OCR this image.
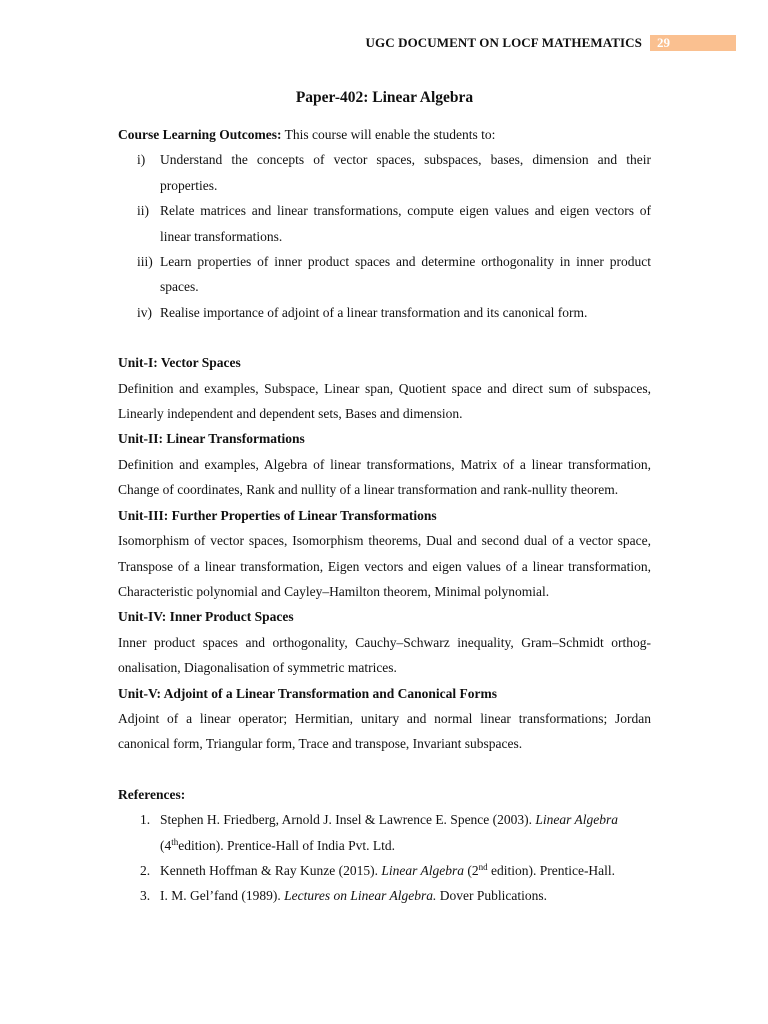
UGC DOCUMENT ON LOCF MATHEMATICS	29
Paper-402: Linear Algebra

Course Learning Outcomes: This course will enable the students to:

i)	Understand the concepts of vector spaces, subspaces, bases, dimension and their properties.
ii) Relate matrices and linear transformations, compute eigen values and eigen vectors of linear transformations.
iii) Learn properties of inner product spaces and determine orthogonality in inner product spaces.
iv) Realise importance of adjoint of a linear transformation and its canonical form.
Unit-I: Vector Spaces

Definition and examples, Subspace, Linear span, Quotient space and direct sum of subspaces, Linearly independent and dependent sets, Bases and dimension.

Unit-II: Linear Transformations

Definition and examples, Algebra of linear transformations, Matrix of a linear transformation, Change of coordinates, Rank and nullity of a linear transformation and rank-nullity theorem.

Unit-III: Further Properties of Linear Transformations

Isomorphism of vector spaces, Isomorphism theorems, Dual and second dual of a vector space, Transpose of a linear transformation, Eigen vectors and eigen values of a linear transformation, Characteristic polynomial and Cayley–Hamilton theorem, Minimal polynomial.

Unit-IV: Inner Product Spaces

Inner product spaces and orthogonality, Cauchy–Schwarz inequality, Gram–Schmidt orthog-onalisation, Diagonalisation of symmetric matrices.

Unit-V: Adjoint of a Linear Transformation and Canonical Forms

Adjoint of a linear operator; Hermitian, unitary and normal linear transformations; Jordan canonical form, Triangular form, Trace and transpose, Invariant subspaces.

References:
1. Stephen H. Friedberg, Arnold J. Insel & Lawrence E. Spence (2003). Linear Algebra (4thedition). Prentice-Hall of India Pvt. Ltd.
2. Kenneth Hoffman & Ray Kunze (2015). Linear Algebra (2nd edition). Prentice-Hall.
3. I. M. Gel’fand (1989). Lectures on Linear Algebra. Dover Publications.
